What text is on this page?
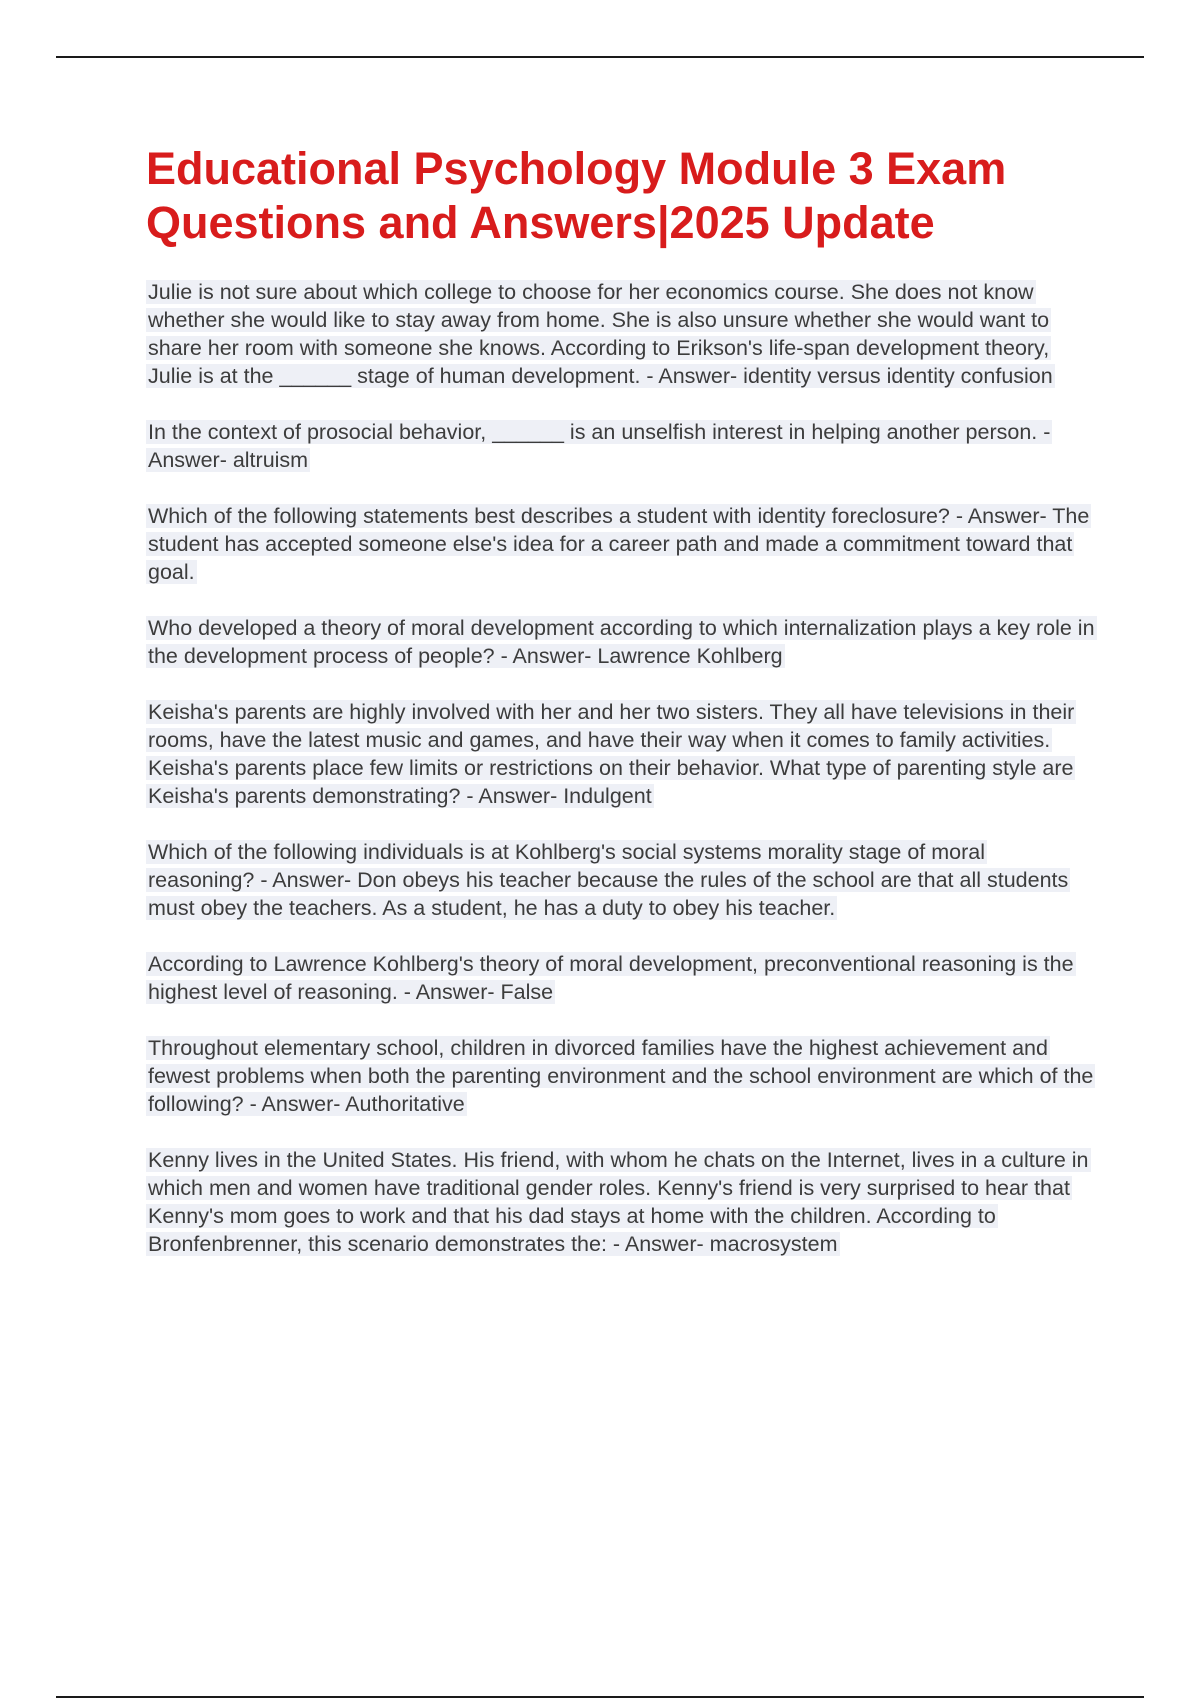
Educational Psychology Module 3 Exam Questions and Answers|2025 Update
Julie is not sure about which college to choose for her economics course. She does not know whether she would like to stay away from home. She is also unsure whether she would want to share her room with someone she knows. According to Erikson's life-span development theory, Julie is at the ______ stage of human development. - Answer- identity versus identity confusion
In the context of prosocial behavior, ______ is an unselfish interest in helping another person. - Answer- altruism
Which of the following statements best describes a student with identity foreclosure? - Answer- The student has accepted someone else's idea for a career path and made a commitment toward that goal.
Who developed a theory of moral development according to which internalization plays a key role in the development process of people? - Answer- Lawrence Kohlberg
Keisha's parents are highly involved with her and her two sisters. They all have televisions in their rooms, have the latest music and games, and have their way when it comes to family activities. Keisha's parents place few limits or restrictions on their behavior. What type of parenting style are Keisha's parents demonstrating? - Answer- Indulgent
Which of the following individuals is at Kohlberg's social systems morality stage of moral reasoning? - Answer- Don obeys his teacher because the rules of the school are that all students must obey the teachers. As a student, he has a duty to obey his teacher.
According to Lawrence Kohlberg's theory of moral development, preconventional reasoning is the highest level of reasoning. - Answer- False
Throughout elementary school, children in divorced families have the highest achievement and fewest problems when both the parenting environment and the school environment are which of the following? - Answer- Authoritative
Kenny lives in the United States. His friend, with whom he chats on the Internet, lives in a culture in which men and women have traditional gender roles. Kenny's friend is very surprised to hear that Kenny's mom goes to work and that his dad stays at home with the children. According to Bronfenbrenner, this scenario demonstrates the: - Answer- macrosystem
